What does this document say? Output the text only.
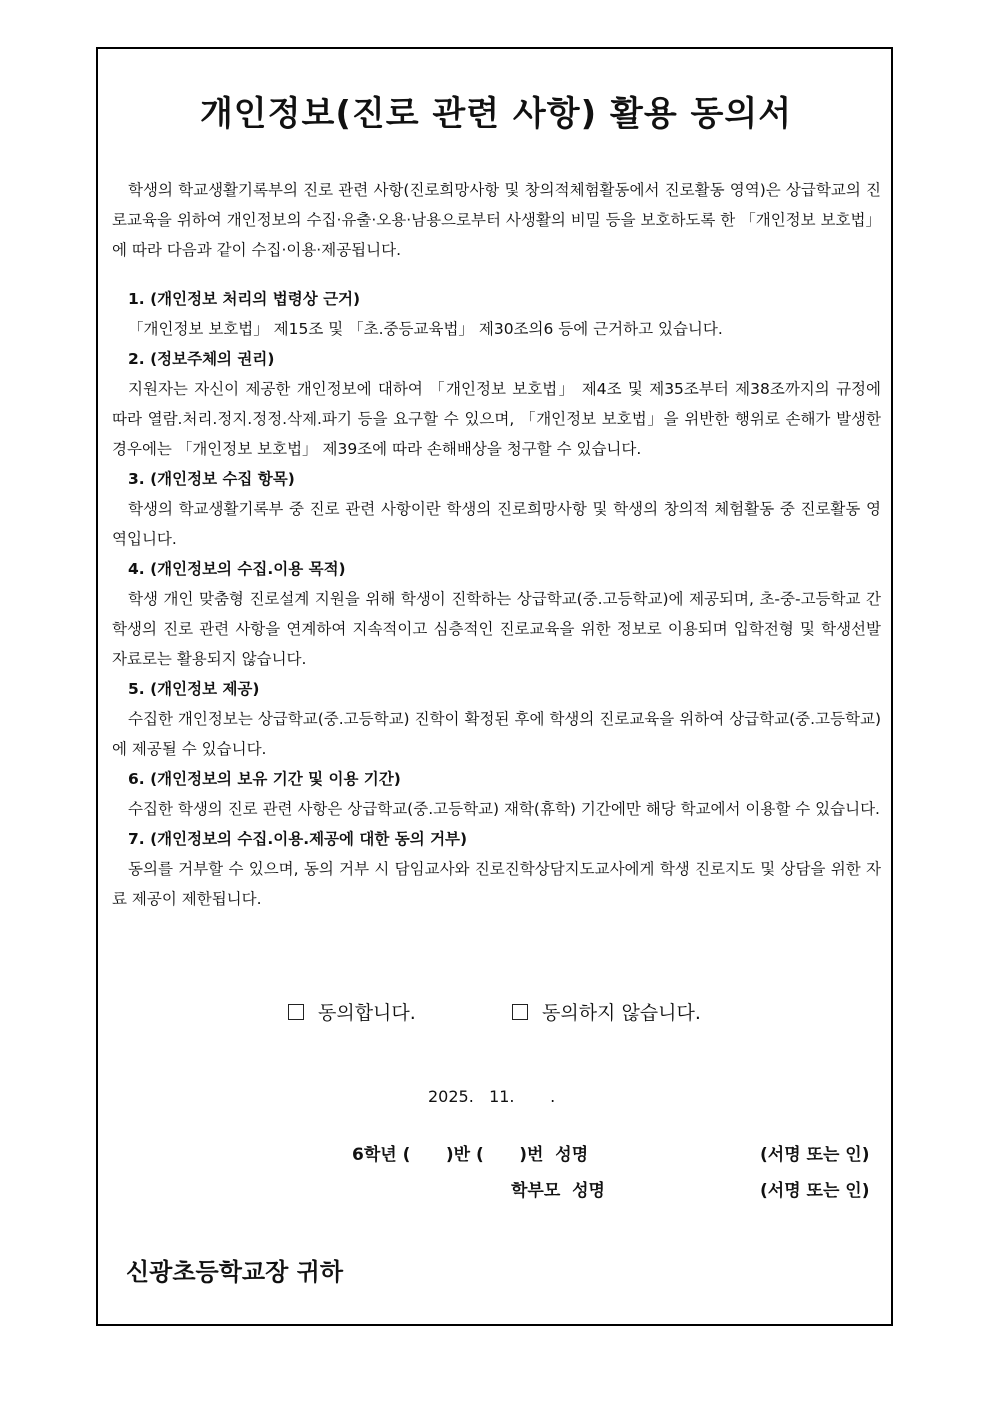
개인정보(진로 관련 사항) 활용 동의서

학생의 학교생활기록부의 진로 관련 사항(진로희망사항 및 창의적체험활동에서 진로활동 영역)은 상급학교의 진로교육을 위하여 개인정보의 수집·유출·오용·남용으로부터 사생활의 비밀 등을 보호하도록 한 「개인정보 보호법」에 따라 다음과 같이 수집·이용·제공됩니다.

1. (개인정보 처리의 법령상 근거)

「개인정보 보호법」 제15조 및 「초.중등교육법」 제30조의6 등에 근거하고 있습니다.

2. (정보주체의 권리)

지원자는 자신이 제공한 개인정보에 대하여 「개인정보 보호법」 제4조 및 제35조부터 제38조까지의 규정에 따라 열람.처리.정지.정정.삭제.파기 등을 요구할 수 있으며, 「개인정보 보호법」을 위반한 행위로 손해가 발생한 경우에는 「개인정보 보호법」 제39조에 따라 손해배상을 청구할 수 있습니다.

3. (개인정보 수집 항목)

학생의 학교생활기록부 중 진로 관련 사항이란 학생의 진로희망사항 및 학생의 창의적 체험활동 중 진로활동 영역입니다.

4. (개인정보의 수집.이용 목적)

학생 개인 맞춤형 진로설계 지원을 위해 학생이 진학하는 상급학교(중.고등학교)에 제공되며, 초-중-고등학교 간 학생의 진로 관련 사항을 연계하여 지속적이고 심층적인 진로교육을 위한 정보로 이용되며 입학전형 및 학생선발 자료로는 활용되지 않습니다.

5. (개인정보 제공)

수집한 개인정보는 상급학교(중.고등학교) 진학이 확정된 후에 학생의 진로교육을 위하여 상급학교(중.고등학교)에 제공될 수 있습니다.

6. (개인정보의 보유 기간 및 이용 기간)

수집한 학생의 진로 관련 사항은 상급학교(중.고등학교) 재학(휴학) 기간에만 해당 학교에서 이용할 수 있습니다.

7. (개인정보의 수집.이용.제공에 대한 동의 거부)

동의를 거부할 수 있으며, 동의 거부 시 담임교사와 진로진학상담지도교사에게 학생 진로지도 및 상담을 위한 자료 제공이 제한됩니다.

동의합니다.	동의하지 않습니다.
2025.   11.       .
6학년 (      )반 (      )번  성명	(서명 또는 인)
학부모  성명	(서명 또는 인)
신광초등학교장 귀하
